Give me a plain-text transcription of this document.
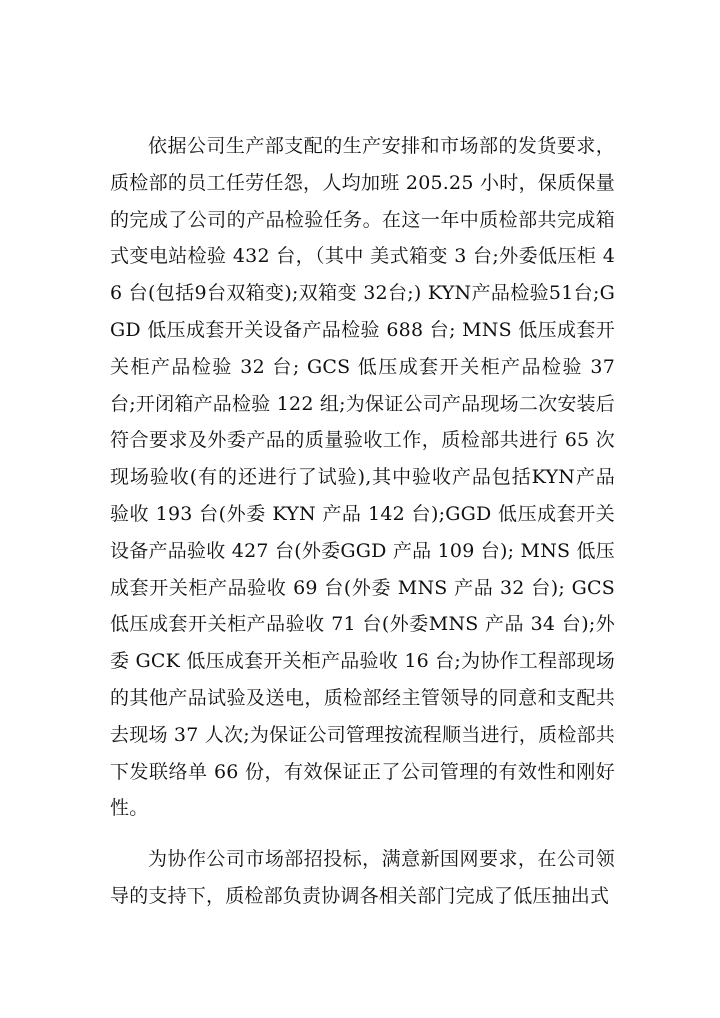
依据公司生产部支配的生产安排和市场部的发货要求，质检部的员工任劳任怨，人均加班 205.25 小时，保质保量的完成了公司的产品检验任务。在这一年中质检部共完成箱式变电站检验 432 台，（其中 美式箱变 3 台;外委低压柜 46 台(包括9台双箱变);双箱变 32台;) KYN产品检验51台;GGD 低压成套开关设备产品检验 688 台; MNS 低压成套开关柜产品检验 32 台; GCS 低压成套开关柜产品检验 37 台;开闭箱产品检验 122 组;为保证公司产品现场二次安装后符合要求及外委产品的质量验收工作，质检部共进行 65 次现场验收(有的还进行了试验),其中验收产品包括KYN产品验收 193 台(外委 KYN 产品 142 台);GGD 低压成套开关设备产品验收 427 台(外委GGD 产品 109 台); MNS 低压成套开关柜产品验收 69 台(外委 MNS 产品 32 台); GCS 低压成套开关柜产品验收 71 台(外委MNS 产品 34 台);外委 GCK 低压成套开关柜产品验收 16 台;为协作工程部现场的其他产品试验及送电，质检部经主管领导的同意和支配共去现场 37 人次;为保证公司管理按流程顺当进行，质检部共下发联络单 66 份，有效保证正了公司管理的有效性和刚好性。

为协作公司市场部招投标，满意新国网要求，在公司领导的支持下，质检部负责协调各相关部门完成了低压抽出式
